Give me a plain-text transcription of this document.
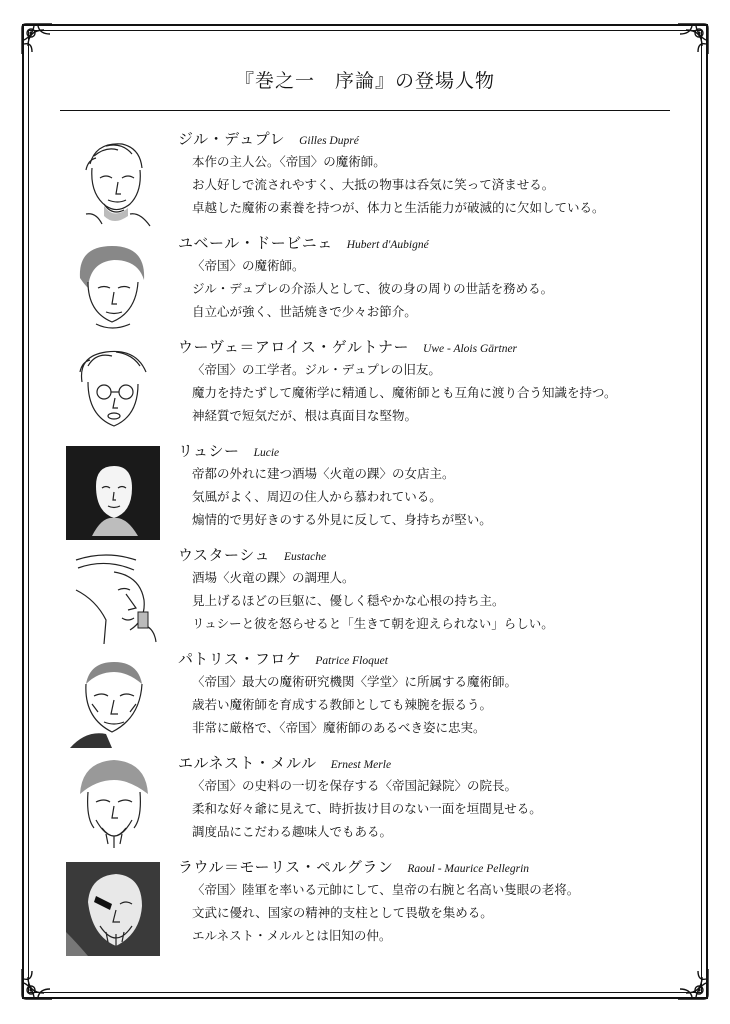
『巻之一　序論』の登場人物
ジル・デュプレ Gilles Dupré
本作の主人公。〈帝国〉の魔術師。
お人好しで流されやすく、大抵の物事は呑気に笑って済ませる。
卓越した魔術の素養を持つが、体力と生活能力が破滅的に欠如している。
ユベール・ドービニェ Hubert d'Aubigné
〈帝国〉の魔術師。
ジル・デュプレの介添人として、彼の身の周りの世話を務める。
自立心が強く、世話焼きで少々お節介。
ウーヴェ＝アロイス・ゲルトナー Uwe - Alois Gärtner
〈帝国〉の工学者。ジル・デュプレの旧友。
魔力を持たずして魔術学に精通し、魔術師とも互角に渡り合う知識を持つ。
神経質で短気だが、根は真面目な堅物。
リュシー Lucie
帝都の外れに建つ酒場〈火竜の踝〉の女店主。
気風がよく、周辺の住人から慕われている。
煽情的で男好きのする外見に反して、身持ちが堅い。
ウスターシュ Eustache
酒場〈火竜の踝〉の調理人。
見上げるほどの巨躯に、優しく穏やかな心根の持ち主。
リュシーと彼を怒らせると「生きて朝を迎えられない」らしい。
パトリス・フロケ Patrice Floquet
〈帝国〉最大の魔術研究機関〈学堂〉に所属する魔術師。
歳若い魔術師を育成する教師としても辣腕を振るう。
非常に厳格で、〈帝国〉魔術師のあるべき姿に忠実。
エルネスト・メルル Ernest Merle
〈帝国〉の史料の一切を保存する〈帝国記録院〉の院長。
柔和な好々爺に見えて、時折抜け目のない一面を垣間見せる。
調度品にこだわる趣味人でもある。
ラウル＝モーリス・ペルグラン Raoul - Maurice Pellegrin
〈帝国〉陸軍を率いる元帥にして、皇帝の右腕と名高い隻眼の老将。
文武に優れ、国家の精神的支柱として畏敬を集める。
エルネスト・メルルとは旧知の仲。
